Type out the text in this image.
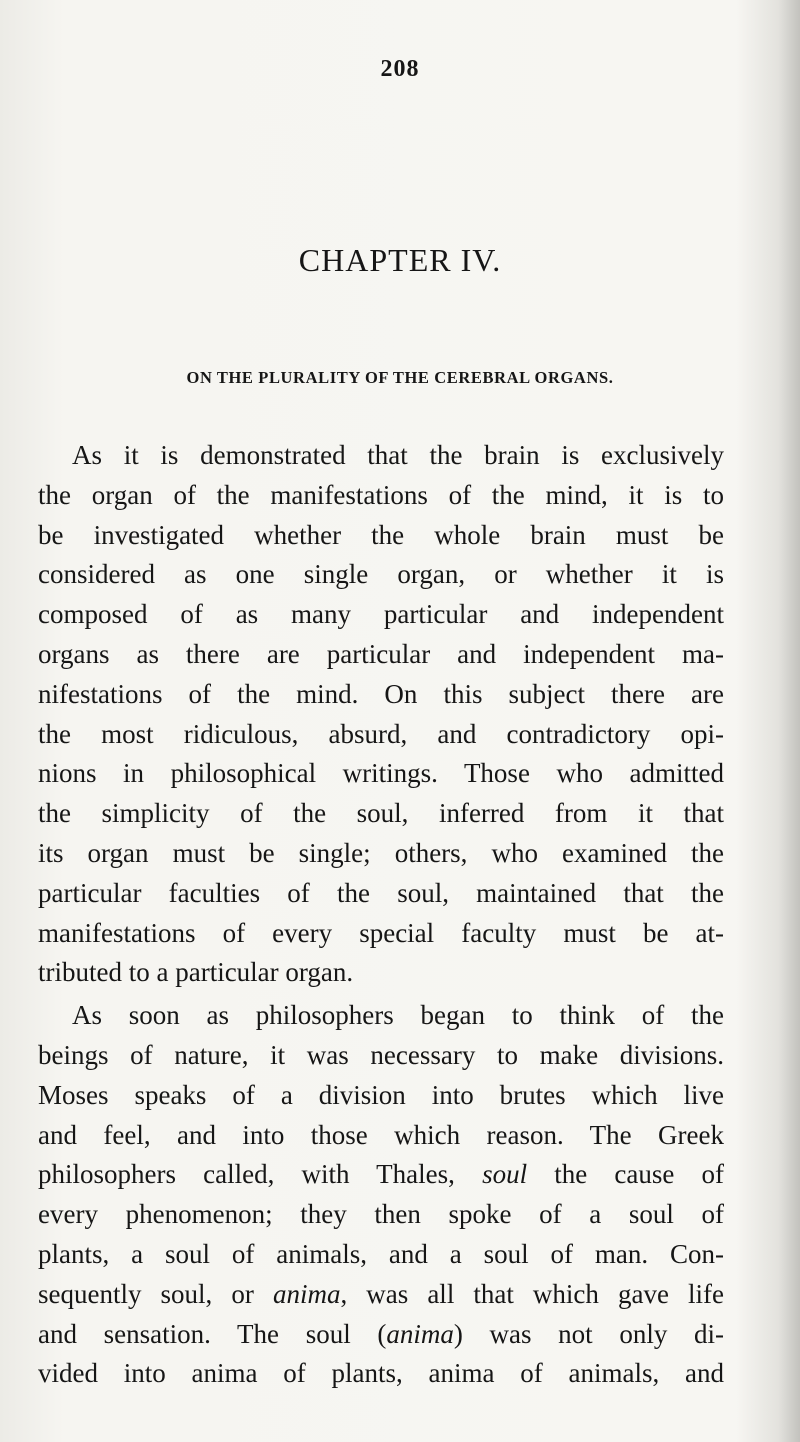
208
CHAPTER IV.
ON THE PLURALITY OF THE CEREBRAL ORGANS.
As it is demonstrated that the brain is exclusively
the organ of the manifestations of the mind, it is to
be investigated whether the whole brain must be
considered as one single organ, or whether it is
composed of as many particular and independent
organs as there are particular and independent ma-
nifestations of the mind. On this subject there are
the most ridiculous, absurd, and contradictory opi-
nions in philosophical writings. Those who admitted
the simplicity of the soul, inferred from it that
its organ must be single; others, who examined the
particular faculties of the soul, maintained that the
manifestations of every special faculty must be at-
tributed to a particular organ.
As soon as philosophers began to think of the
beings of nature, it was necessary to make divisions.
Moses speaks of a division into brutes which live
and feel, and into those which reason. The Greek
philosophers called, with Thales, soul the cause of
every phenomenon; they then spoke of a soul of
plants, a soul of animals, and a soul of man. Con-
sequently soul, or anima, was all that which gave life
and sensation. The soul (anima) was not only di-
vided into anima of plants, anima of animals, and
